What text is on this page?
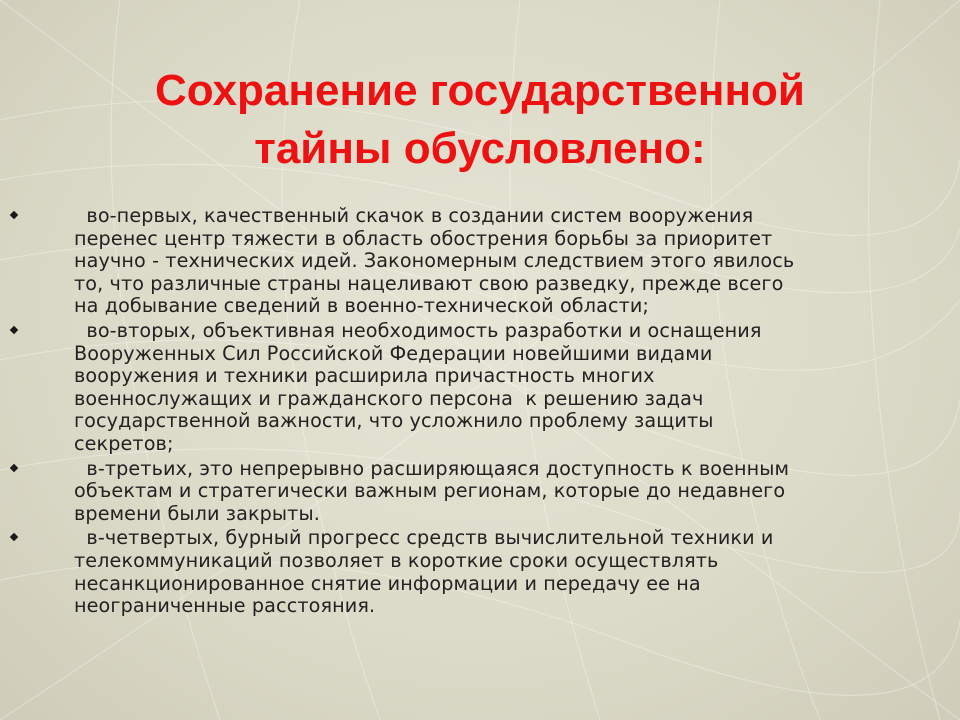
Сохранение государственной
тайны обусловлено:
во-первых, качественный скачок в создании систем вооружения
перенес центр тяжести в область обострения борьбы за приоритет
научно - технических идей. Закономерным следствием этого явилось
то, что различные страны нацеливают свою разведку, прежде всего
на добывание сведений в военно-технической области;
во-вторых, объективная необходимость разработки и оснащения
Вооруженных Сил Российской Федерации новейшими видами
вооружения и техники расширила причастность многих
военнослужащих и гражданского персона  к решению задач
государственной важности, что усложнило проблему защиты
секретов;
в-третьих, это непрерывно расширяющаяся доступность к военным
объектам и стратегически важным регионам, которые до недавнего
времени были закрыты.
в-четвертых, бурный прогресс средств вычислительной техники и
телекоммуникаций позволяет в короткие сроки осуществлять
несанкционированное снятие информации и передачу ее на
неограниченные расстояния.
